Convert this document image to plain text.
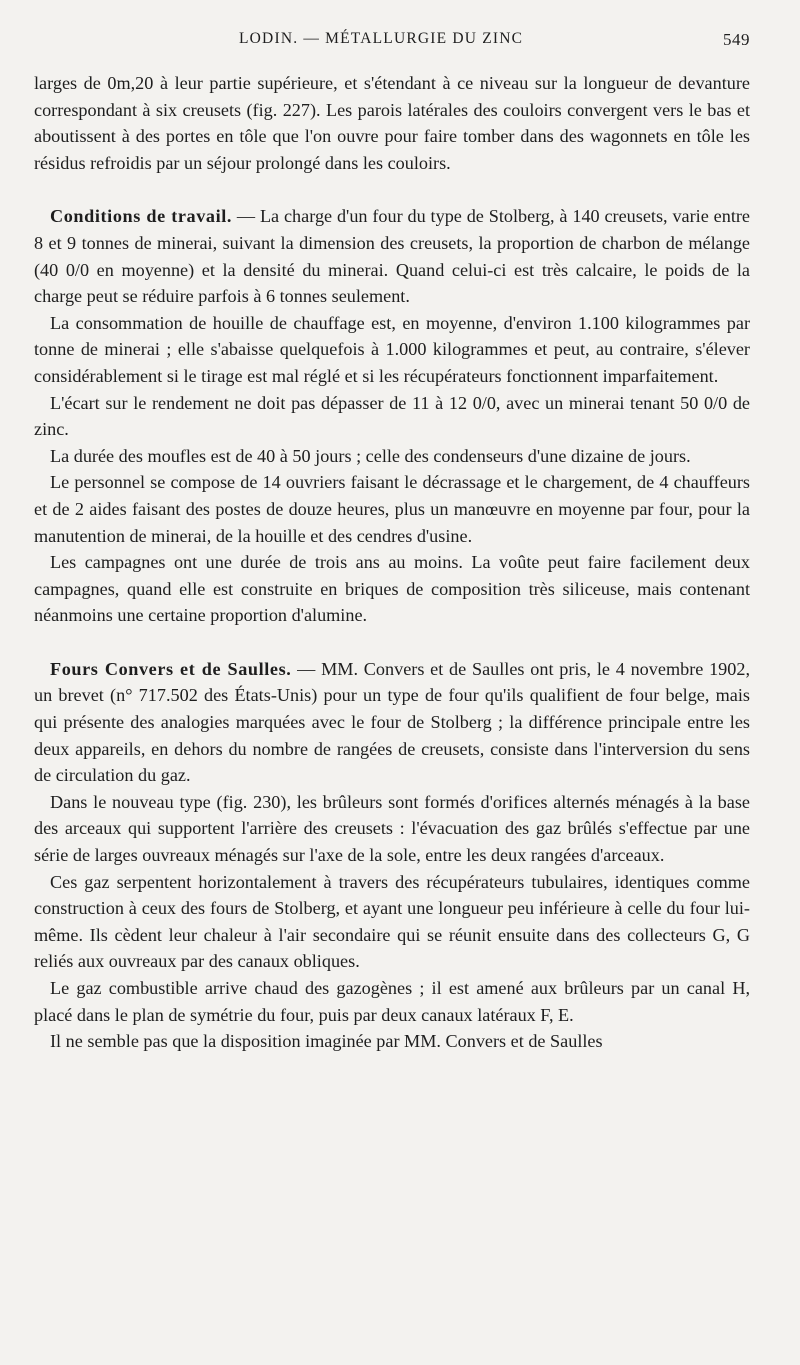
LODIN. — MÉTALLURGIE DU ZINC	549

larges de 0m,20 à leur partie supérieure, et s'étendant à ce niveau sur la longueur de devanture correspondant à six creusets (fig. 227). Les parois latérales des couloirs convergent vers le bas et aboutissent à des portes en tôle que l'on ouvre pour faire tomber dans des wagonnets en tôle les résidus refroidis par un séjour prolongé dans les couloirs.

Conditions de travail. — La charge d'un four du type de Stolberg, à 140 creusets, varie entre 8 et 9 tonnes de minerai, suivant la dimension des creusets, la proportion de charbon de mélange (40 0/0 en moyenne) et la densité du minerai. Quand celui-ci est très calcaire, le poids de la charge peut se réduire parfois à 6 tonnes seulement.

La consommation de houille de chauffage est, en moyenne, d'environ 1.100 kilogrammes par tonne de minerai ; elle s'abaisse quelquefois à 1.000 kilogrammes et peut, au contraire, s'élever considérablement si le tirage est mal réglé et si les récupérateurs fonctionnent imparfaitement.

L'écart sur le rendement ne doit pas dépasser de 11 à 12 0/0, avec un minerai tenant 50 0/0 de zinc.

La durée des moufles est de 40 à 50 jours ; celle des condenseurs d'une dizaine de jours.

Le personnel se compose de 14 ouvriers faisant le décrassage et le chargement, de 4 chauffeurs et de 2 aides faisant des postes de douze heures, plus un manœuvre en moyenne par four, pour la manutention de minerai, de la houille et des cendres d'usine.

Les campagnes ont une durée de trois ans au moins. La voûte peut faire facilement deux campagnes, quand elle est construite en briques de composition très siliceuse, mais contenant néanmoins une certaine proportion d'alumine.

Fours Convers et de Saulles. — MM. Convers et de Saulles ont pris, le 4 novembre 1902, un brevet (n° 717.502 des États-Unis) pour un type de four qu'ils qualifient de four belge, mais qui présente des analogies marquées avec le four de Stolberg ; la différence principale entre les deux appareils, en dehors du nombre de rangées de creusets, consiste dans l'interversion du sens de circulation du gaz.

Dans le nouveau type (fig. 230), les brûleurs sont formés d'orifices alternés ménagés à la base des arceaux qui supportent l'arrière des creusets : l'évacuation des gaz brûlés s'effectue par une série de larges ouvreaux ménagés sur l'axe de la sole, entre les deux rangées d'arceaux.

Ces gaz serpentent horizontalement à travers des récupérateurs tubulaires, identiques comme construction à ceux des fours de Stolberg, et ayant une longueur peu inférieure à celle du four lui-même. Ils cèdent leur chaleur à l'air secondaire qui se réunit ensuite dans des collecteurs G, G reliés aux ouvreaux par des canaux obliques.

Le gaz combustible arrive chaud des gazogènes ; il est amené aux brûleurs par un canal H, placé dans le plan de symétrie du four, puis par deux canaux latéraux F, E.

Il ne semble pas que la disposition imaginée par MM. Convers et de Saulles
